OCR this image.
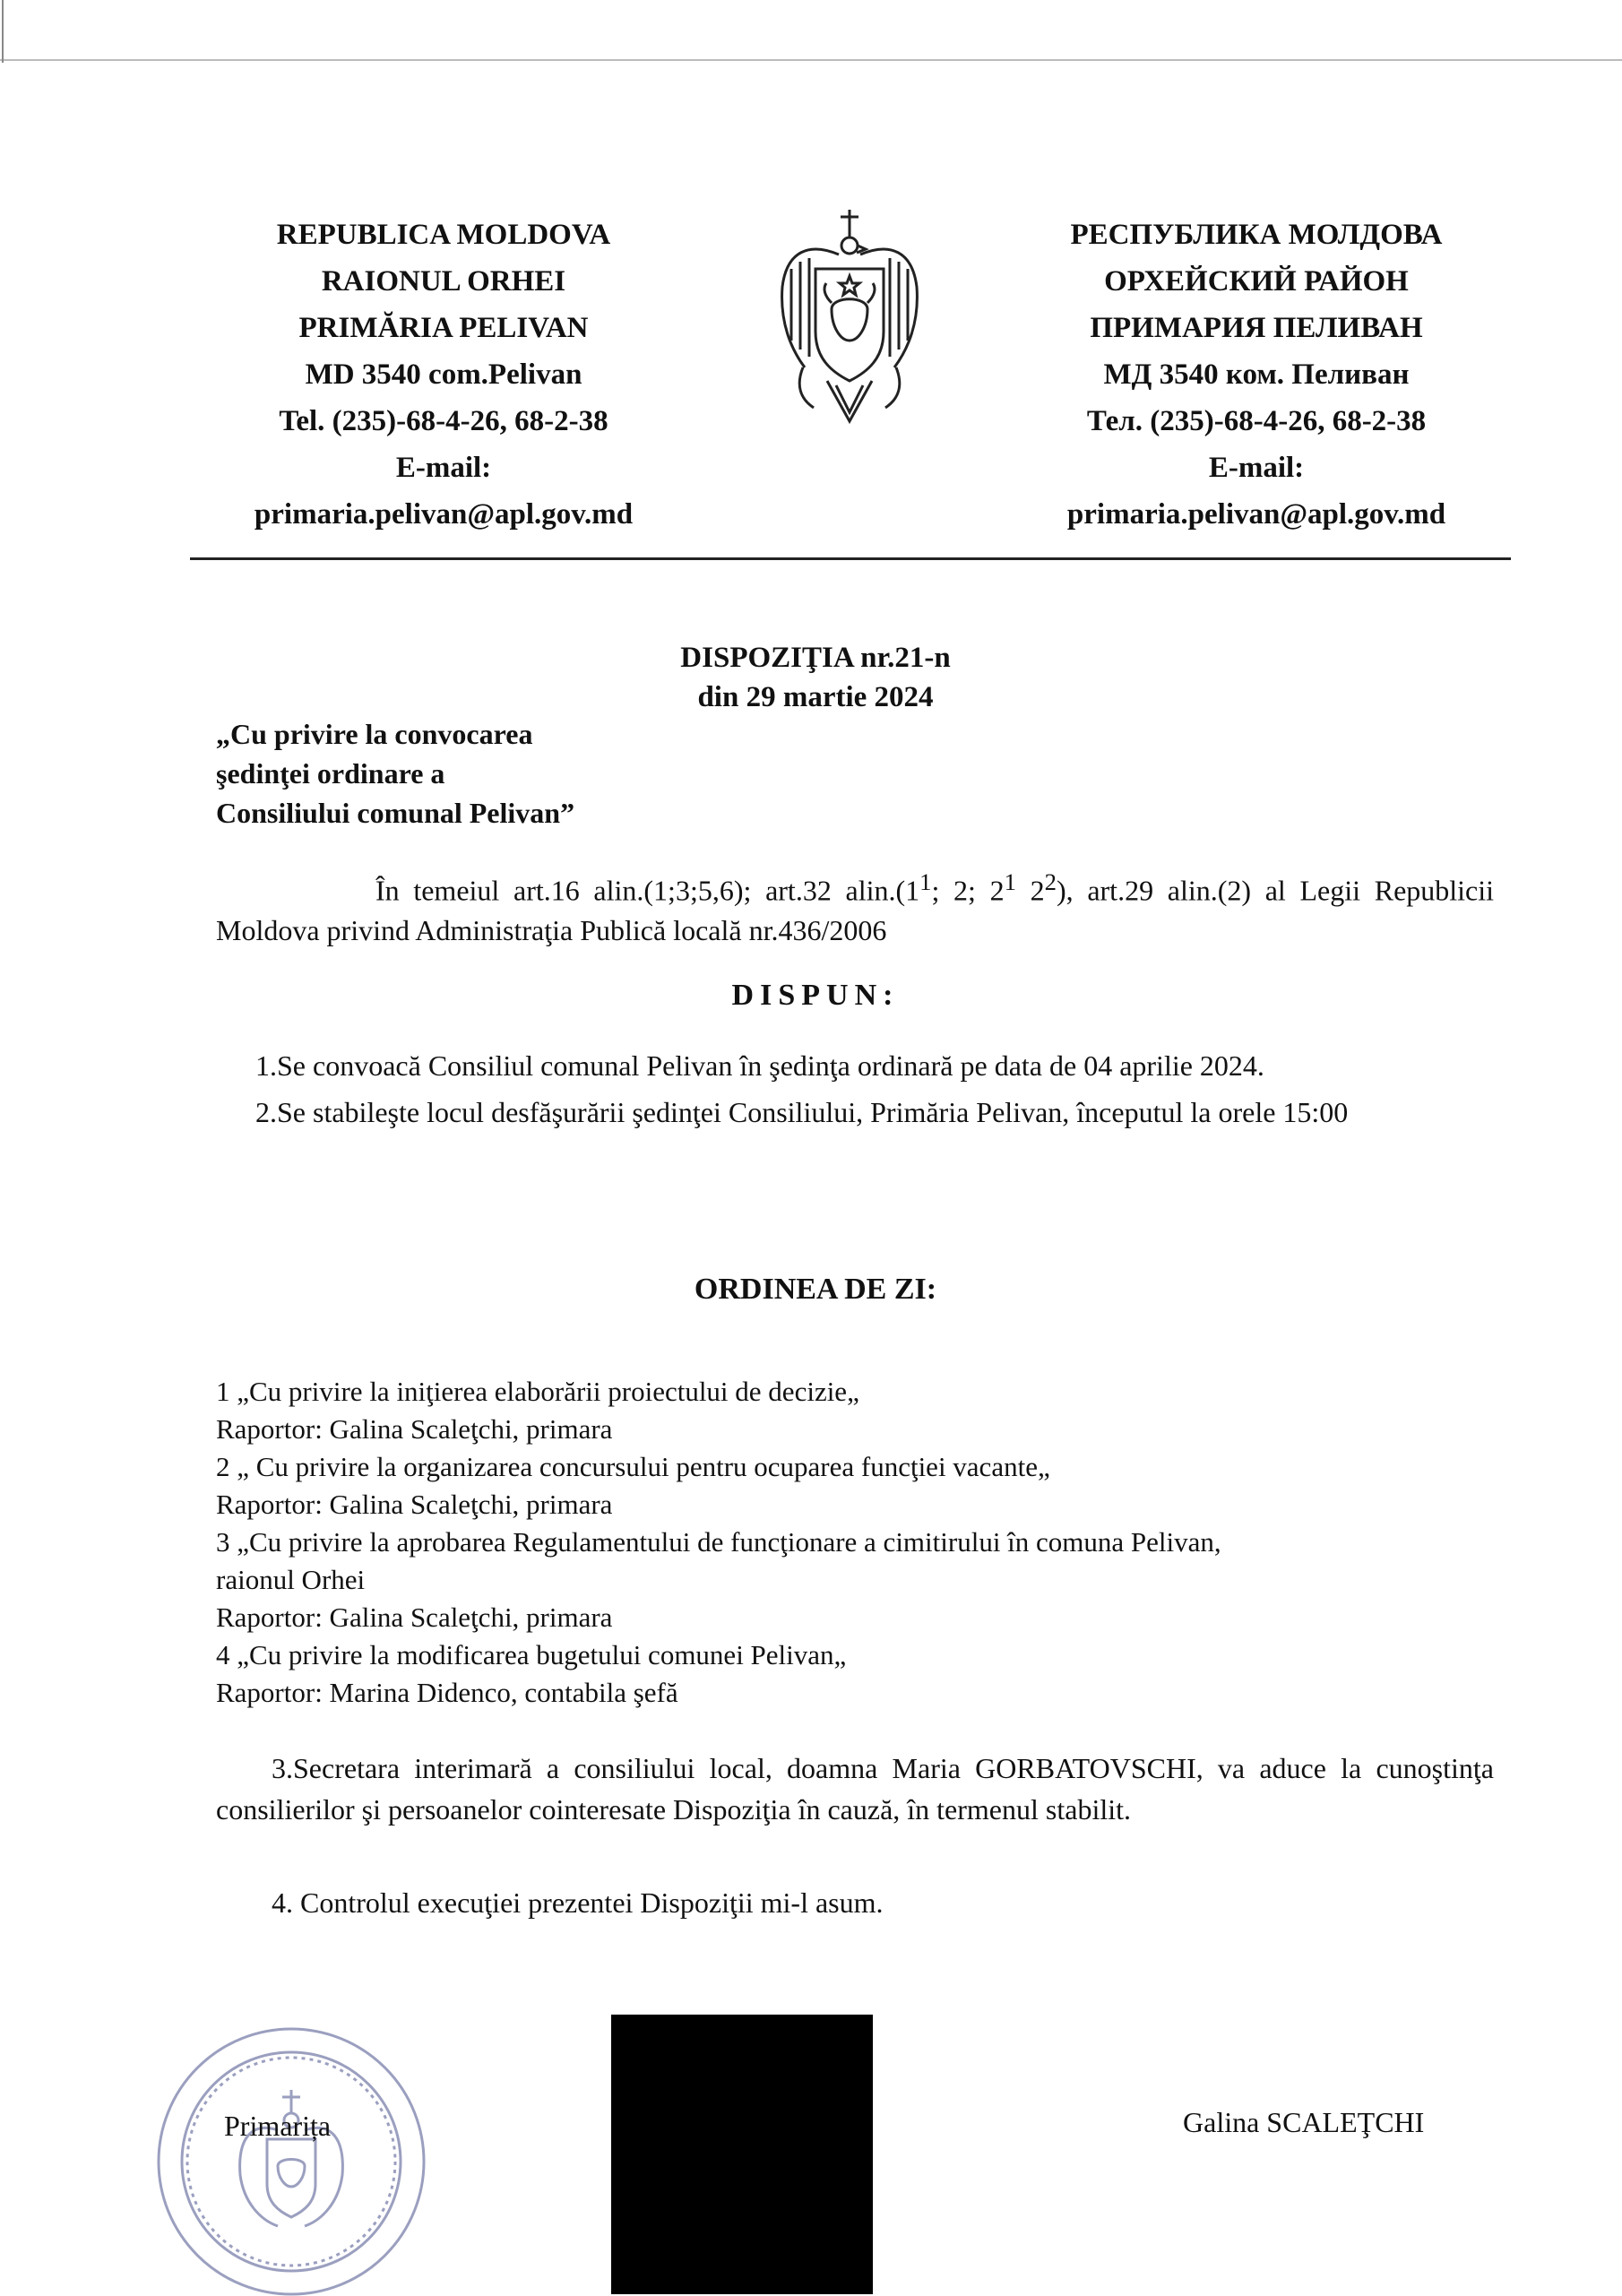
REPUBLICA MOLDOVA
RAIONUL ORHEI
PRIMĂRIA PELIVAN
MD 3540 com.Pelivan
Tel. (235)-68-4-26, 68-2-38
E-mail:
primaria.pelivan@apl.gov.md
РЕСПУБЛИКА МОЛДОВА
ОРХЕЙСКИЙ РАЙОН
ПРИМАРИЯ ПЕЛИВАН
МД 3540 ком. Пеливан
Тел. (235)-68-4-26, 68-2-38
E-mail:
primaria.pelivan@apl.gov.md
DISPOZIŢIA nr.21-n
din 29 martie 2024
„Cu privire la convocarea
şedinţei ordinare a
Consiliului comunal Pelivan”

În temeiul art.16 alin.(1;3;5,6); art.32 $alin.(1^1$; 2; $2^1$ $2^2$), art.29 alin.(2) al Legii Republicii Moldova privind Administraţia Publică locală nr.436/2006

DISPUN:
1.Se convoacă Consiliul comunal Pelivan în şedinţa ordinară pe data de 04 aprilie 2024.
2.Se stabileşte locul desfăşurării şedinţei Consiliului, Primăria Pelivan, începutul la orele 15:00
ORDINEA DE ZI:
1 „Cu privire la iniţierea elaborării proiectului de decizie„
Raportor: Galina Scaleţchi, primara
2 „ Cu privire la organizarea concursului pentru ocuparea funcţiei vacante„
Raportor: Galina Scaleţchi, primara
3 „Cu privire la aprobarea Regulamentului de funcţionare a cimitirului în comuna Pelivan,
raionul Orhei
Raportor: Galina Scaleţchi, primara
4 „Cu privire la modificarea bugetului comunei Pelivan„
Raportor: Marina Didenco, contabila şefă
3.Secretara interimară a consiliului local, doamna Maria GORBATOVSCHI, va aduce la cunoştinţa consilierilor şi persoanelor cointeresate Dispoziţia în cauză, în termenul stabilit.
4. Controlul execuţiei prezentei Dispoziţii mi-l asum.
Primarița	Galina SCALEŢCHI
